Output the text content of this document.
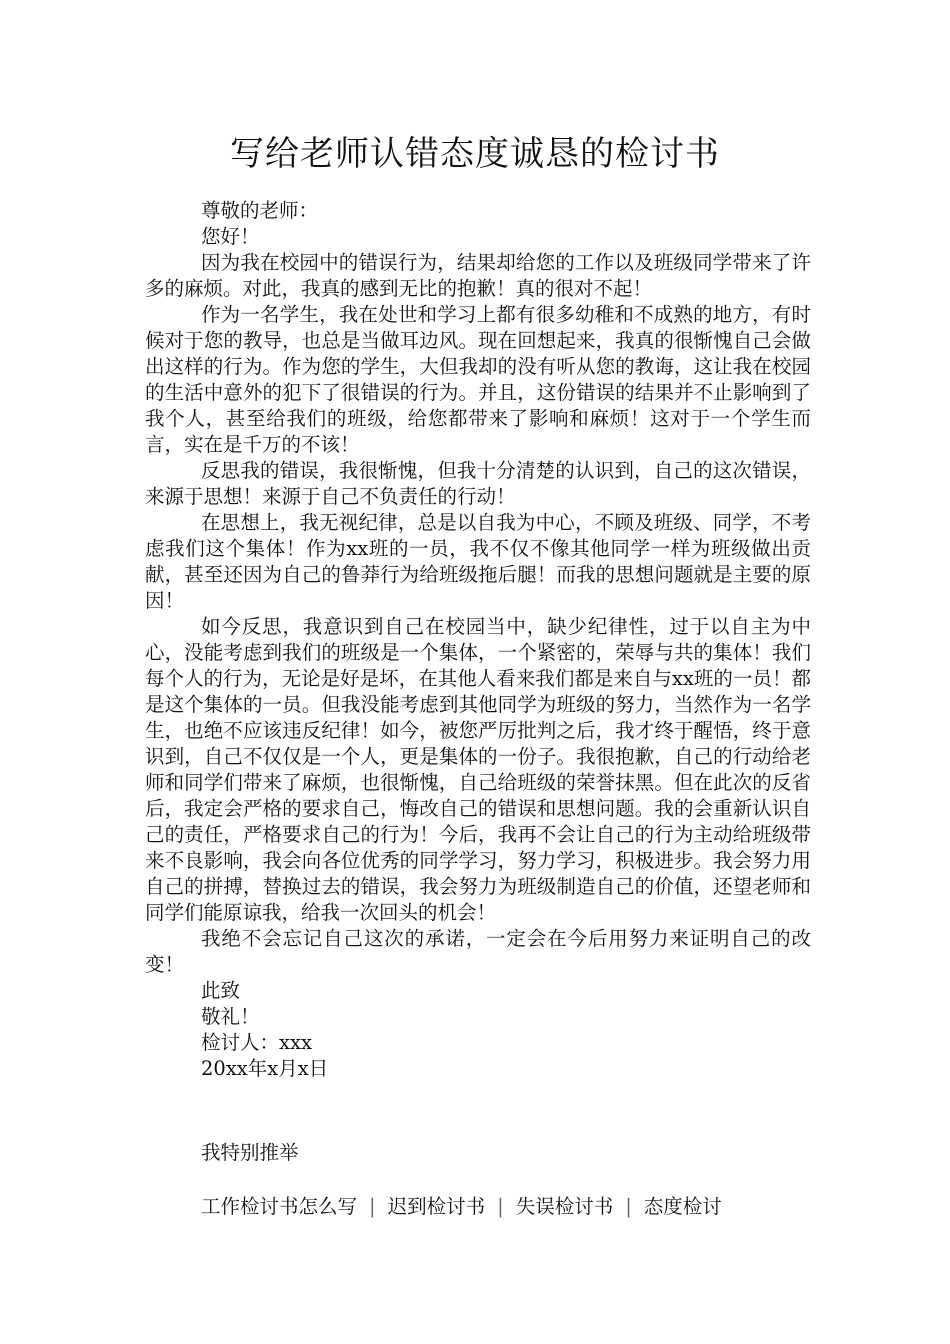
写给老师认错态度诚恳的检讨书
尊敬的老师：
您好！

因为我在校园中的错误行为，结果却给您的工作以及班级同学带来了许多的麻烦。对此，我真的感到无比的抱歉！真的很对不起！

作为一名学生，我在处世和学习上都有很多幼稚和不成熟的地方，有时候对于您的教导，也总是当做耳边风。现在回想起来，我真的很惭愧自己会做出这样的行为。作为您的学生，大但我却的没有听从您的教诲，这让我在校园的生活中意外的犯下了很错误的行为。并且，这份错误的结果并不止影响到了我个人，甚至给我们的班级，给您都带来了影响和麻烦！这对于一个学生而言，实在是千万的不该！

反思我的错误，我很惭愧，但我十分清楚的认识到，自己的这次错误，来源于思想！来源于自己不负责任的行动！

在思想上，我无视纪律，总是以自我为中心，不顾及班级、同学，不考虑我们这个集体！作为xx班的一员，我不仅不像其他同学一样为班级做出贡献，甚至还因为自己的鲁莽行为给班级拖后腿！而我的思想问题就是主要的原因！

如今反思，我意识到自己在校园当中，缺少纪律性，过于以自主为中心，没能考虑到我们的班级是一个集体，一个紧密的，荣辱与共的集体！我们每个人的行为，无论是好是坏，在其他人看来我们都是来自与xx班的一员！都是这个集体的一员。但我没能考虑到其他同学为班级的努力，当然作为一名学生，也绝不应该违反纪律！如今，被您严厉批判之后，我才终于醒悟，终于意识到，自己不仅仅是一个人，更是集体的一份子。我很抱歉，自己的行动给老师和同学们带来了麻烦，也很惭愧，自己给班级的荣誉抹黑。但在此次的反省后，我定会严格的要求自己，悔改自己的错误和思想问题。我的会重新认识自己的责任，严格要求自己的行为！今后，我再不会让自己的行为主动给班级带来不良影响，我会向各位优秀的同学学习，努力学习，积极进步。我会努力用自己的拼搏，替换过去的错误，我会努力为班级制造自己的价值，还望老师和同学们能原谅我，给我一次回头的机会！

我绝不会忘记自己这次的承诺，一定会在今后用努力来证明自己的改变！

此致
敬礼！
检讨人：xxx
20xx年x月x日
我特别推举
工作检讨书怎么写 | 迟到检讨书 | 失误检讨书 | 态度检讨
